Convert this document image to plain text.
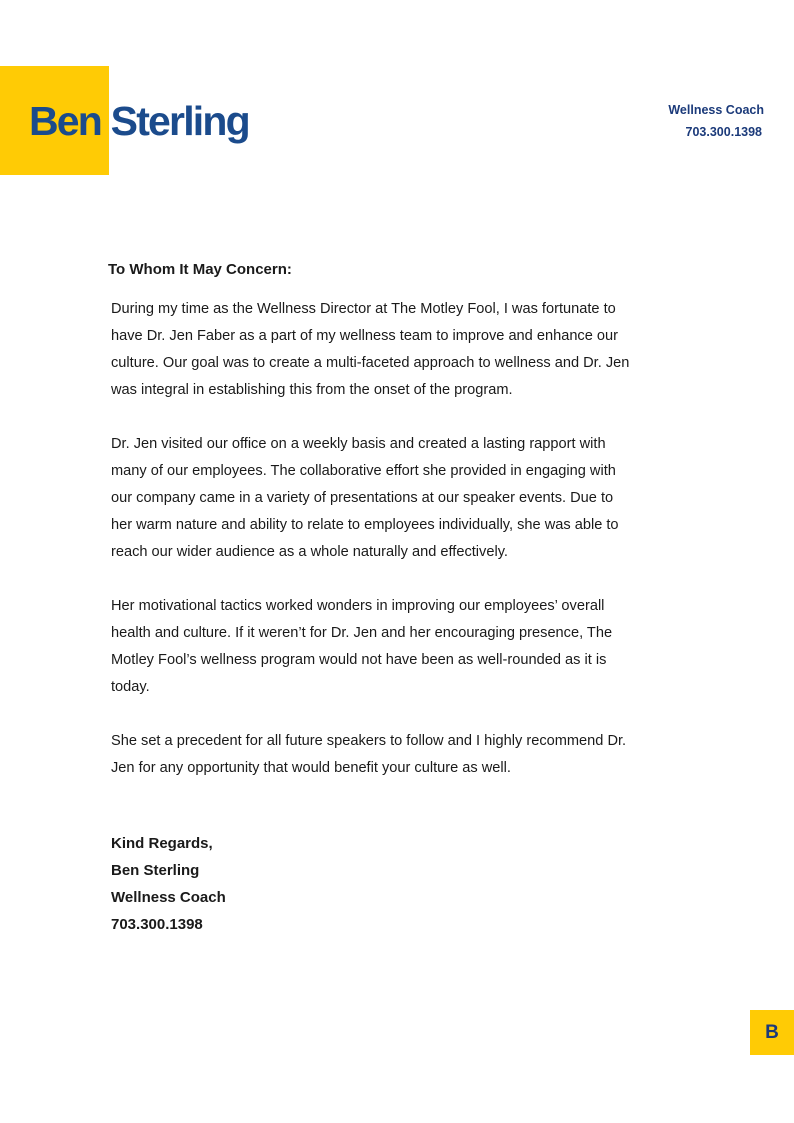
Ben Sterling	Wellness Coach
703.300.1398
To Whom It May Concern:

During my time as the Wellness Director at The Motley Fool, I was fortunate to have Dr. Jen Faber as a part of my wellness team to improve and enhance our culture. Our goal was to create a multi-faceted approach to wellness and Dr. Jen was integral in establishing this from the onset of the program.

Dr. Jen visited our office on a weekly basis and created a lasting rapport with many of our employees. The collaborative effort she provided in engaging with our company came in a variety of presentations at our speaker events. Due to her warm nature and ability to relate to employees individually, she was able to reach our wider audience as a whole naturally and effectively.

Her motivational tactics worked wonders in improving our employees’ overall health and culture. If it weren’t for Dr. Jen and her encouraging presence, The Motley Fool’s wellness program would not have been as well-rounded as it is today.

She set a precedent for all future speakers to follow and I highly recommend Dr. Jen for any opportunity that would benefit your culture as well.

Kind Regards,
Ben Sterling
Wellness Coach
703.300.1398
B
